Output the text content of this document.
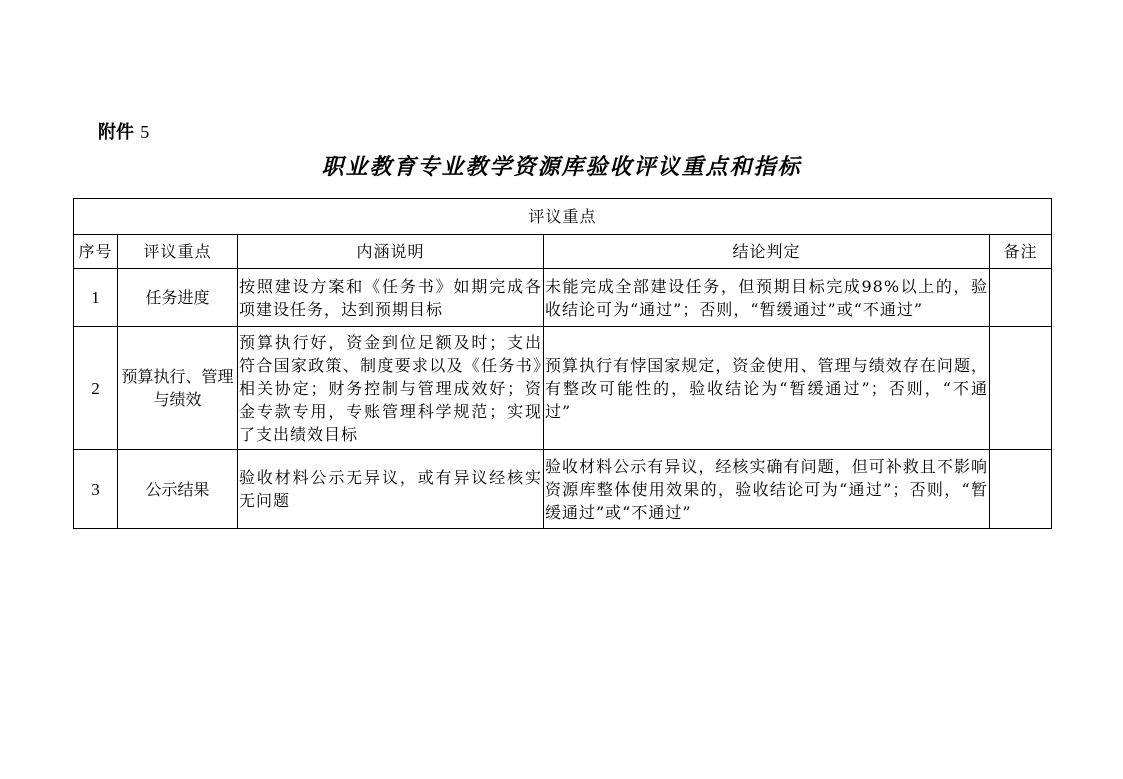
附件 5
职业教育专业教学资源库验收评议重点和指标
评议重点				
序号	评议重点	内涵说明	结论判定	备注
1	任务进度	按照建设方案和《任务书》如期完成各项建设任务，达到预期目标	未能完成全部建设任务，但预期目标完成98%以上的，验收结论可为“通过”；否则，“暂缓通过”或“不通过”	
2	预算执行、管理与绩效	预算执行好，资金到位足额及时；支出符合国家政策、制度要求以及《任务书》相关协定；财务控制与管理成效好；资金专款专用，专账管理科学规范；实现了支出绩效目标	预算执行有悖国家规定，资金使用、管理与绩效存在问题，有整改可能性的，验收结论为“暂缓通过”；否则，“不通过”	
3	公示结果	验收材料公示无异议，或有异议经核实无问题	验收材料公示有异议，经核实确有问题，但可补救且不影响资源库整体使用效果的，验收结论可为“通过”；否则，“暂缓通过”或“不通过”	
